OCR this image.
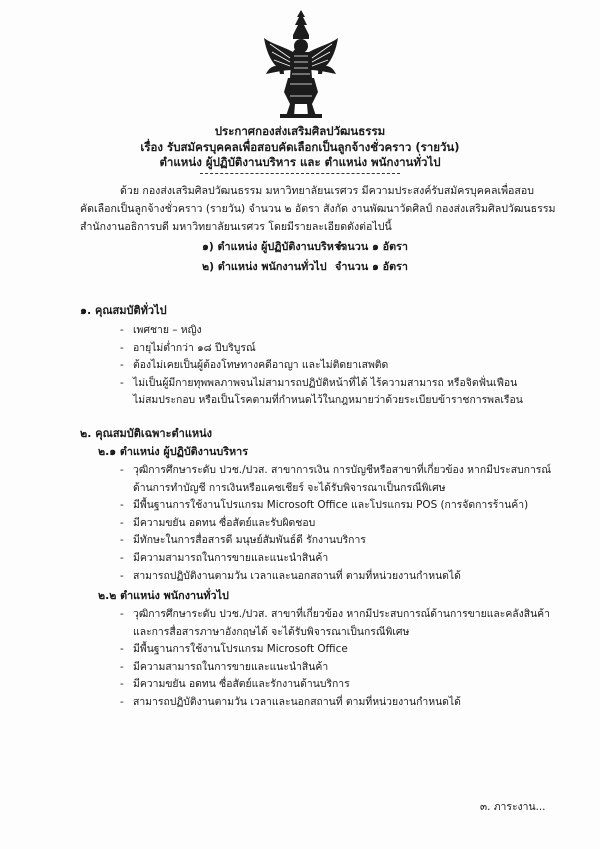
ประกาศกองส่งเสริมศิลปวัฒนธรรม
เรื่อง รับสมัครบุคคลเพื่อสอบคัดเลือกเป็นลูกจ้างชั่วคราว (รายวัน)
ตำแหน่ง ผู้ปฏิบัติงานบริหาร และ ตำแหน่ง พนักงานทั่วไป
ด้วย กองส่งเสริมศิลปวัฒนธรรม มหาวิทยาลัยนเรศวร มีความประสงค์รับสมัครบุคคลเพื่อสอบ
คัดเลือกเป็นลูกจ้างชั่วคราว (รายวัน) จำนวน ๒ อัตรา สังกัด งานพัฒนาวัดศิลป์ กองส่งเสริมศิลปวัฒนธรรม
สำนักงานอธิการบดี มหาวิทยาลัยนเรศวร โดยมีรายละเอียดดังต่อไปนี้
๑) ตำแหน่ง ผู้ปฏิบัติงานบริหาร
จำนวน ๑ อัตรา
๒) ตำแหน่ง พนักงานทั่วไป จำนวน ๑ อัตรา
๑. คุณสมบัติทั่วไป
- เพศชาย – หญิง
- อายุไม่ต่ำกว่า ๑๘ ปีบริบูรณ์
- ต้องไม่เคยเป็นผู้ต้องโทษทางคดีอาญา และไม่ติดยาเสพติด
- ไม่เป็นผู้มีกายทุพพลภาพจนไม่สามารถปฏิบัติหน้าที่ได้ ไร้ความสามารถ หรือจิตฟั่นเฟือน
ไม่สมประกอบ หรือเป็นโรคตามที่กำหนดไว้ในกฎหมายว่าด้วยระเบียบข้าราชการพลเรือน
๒. คุณสมบัติเฉพาะตำแหน่ง
๒.๑ ตำแหน่ง ผู้ปฏิบัติงานบริหาร
- วุฒิการศึกษาระดับ ปวช./ปวส. สาขาการเงิน การบัญชีหรือสาขาที่เกี่ยวข้อง หากมีประสบการณ์
ด้านการทำบัญชี การเงินหรือแคชเชียร์ จะได้รับพิจารณาเป็นกรณีพิเศษ
- มีพื้นฐานการใช้งานโปรแกรม Microsoft Office และโปรแกรม POS (การจัดการร้านค้า)
- มีความขยัน อดทน ซื่อสัตย์และรับผิดชอบ
- มีทักษะในการสื่อสารดี มนุษย์สัมพันธ์ดี รักงานบริการ
- มีความสามารถในการขายและแนะนำสินค้า
- สามารถปฏิบัติงานตามวัน เวลาและนอกสถานที่ ตามที่หน่วยงานกำหนดได้
๒.๒ ตำแหน่ง พนักงานทั่วไป
- วุฒิการศึกษาระดับ ปวช./ปวส. สาขาที่เกี่ยวข้อง หากมีประสบการณ์ด้านการขายและคลังสินค้า
และการสื่อสารภาษาอังกฤษได้ จะได้รับพิจารณาเป็นกรณีพิเศษ
- มีพื้นฐานการใช้งานโปรแกรม Microsoft Office
- มีความสามารถในการขายและแนะนำสินค้า
- มีความขยัน อดทน ซื่อสัตย์และรักงานด้านบริการ
- สามารถปฏิบัติงานตามวัน เวลาและนอกสถานที่ ตามที่หน่วยงานกำหนดได้
๓. ภาระงาน...
